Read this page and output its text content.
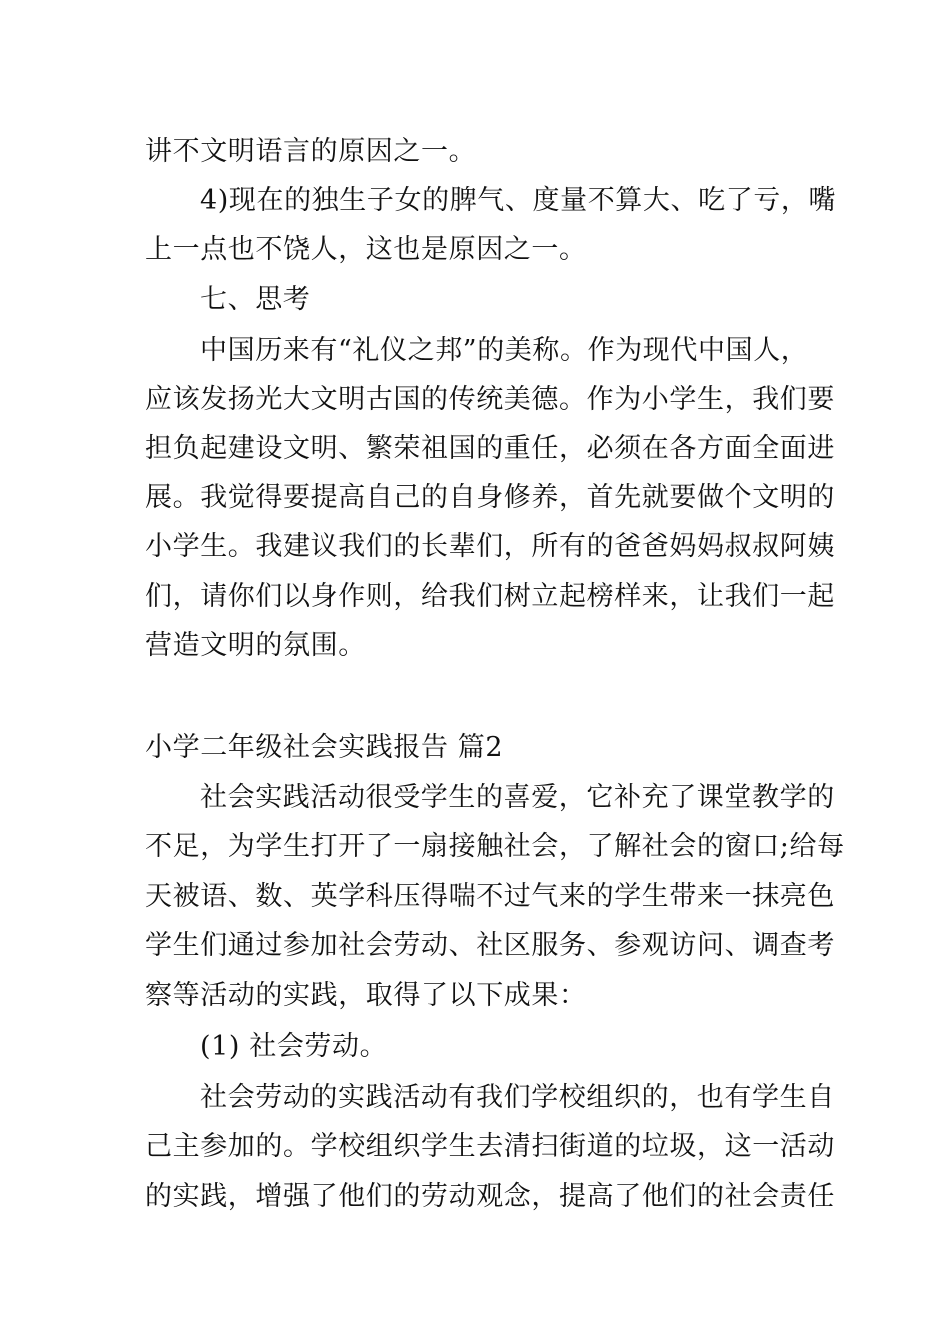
讲不文明语言的原因之一。
4)现在的独生子女的脾气、度量不算大、吃了亏，嘴
上一点也不饶人，这也是原因之一。
七、思考
中国历来有“礼仪之邦”的美称。作为现代中国人，
应该发扬光大文明古国的传统美德。作为小学生，我们要
担负起建设文明、繁荣祖国的重任，必须在各方面全面进
展。我觉得要提高自己的自身修养，首先就要做个文明的
小学生。我建议我们的长辈们，所有的爸爸妈妈叔叔阿姨
们，请你们以身作则，给我们树立起榜样来，让我们一起
营造文明的氛围。
小学二年级社会实践报告 篇2
社会实践活动很受学生的喜爱，它补充了课堂教学的
不足，为学生打开了一扇接触社会，了解社会的窗口;给每
天被语、数、英学科压得喘不过气来的学生带来一抹亮色
学生们通过参加社会劳动、社区服务、参观访问、调查考
察等活动的实践，取得了以下成果：
(1) 社会劳动。
社会劳动的实践活动有我们学校组织的，也有学生自
己主参加的。学校组织学生去清扫街道的垃圾，这一活动
的实践，增强了他们的劳动观念，提高了他们的社会责任
